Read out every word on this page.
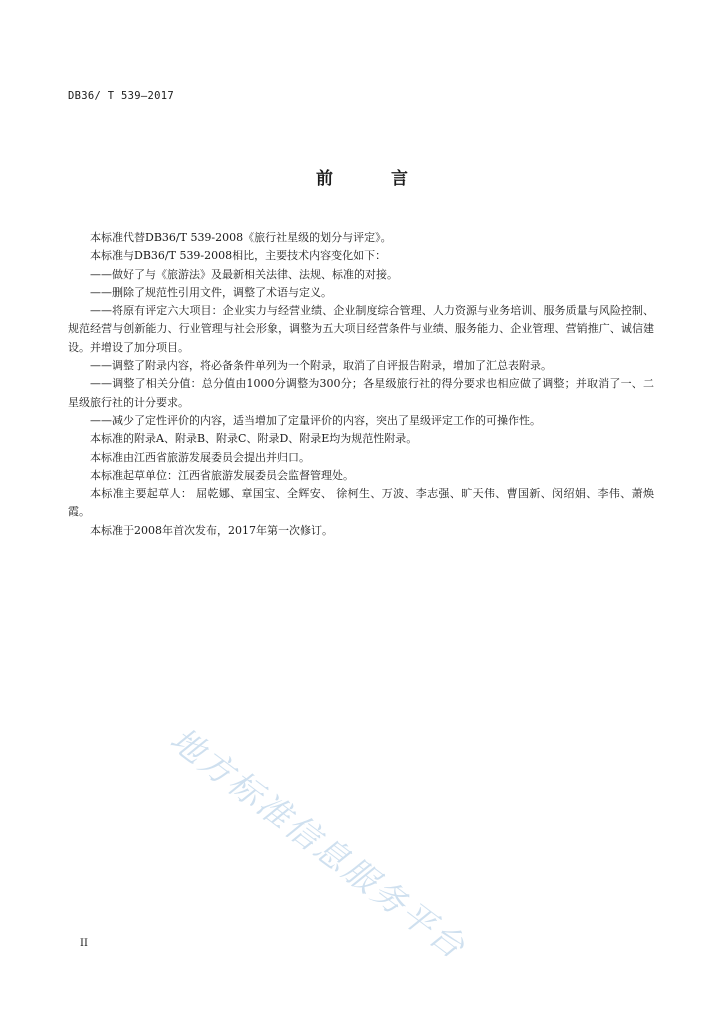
DB36/ T 539—2017
前 言

本标准代替DB36/T 539-2008《旅行社星级的划分与评定》。

本标准与DB36/T 539-2008相比，主要技术内容变化如下：

——做好了与《旅游法》及最新相关法律、法规、标准的对接。

——删除了规范性引用文件，调整了术语与定义。

——将原有评定六大项目：企业实力与经营业绩、企业制度综合管理、人力资源与业务培训、服务质量与风险控制、规范经营与创新能力、行业管理与社会形象，调整为五大项目经营条件与业绩、服务能力、企业管理、营销推广、诚信建设。并增设了加分项目。

——调整了附录内容，将必备条件单列为一个附录，取消了自评报告附录，增加了汇总表附录。

——调整了相关分值：总分值由1000分调整为300分；各星级旅行社的得分要求也相应做了调整；并取消了一、二星级旅行社的计分要求。

——减少了定性评价的内容，适当增加了定量评价的内容，突出了星级评定工作的可操作性。

本标准的附录A、附录B、附录C、附录D、附录E均为规范性附录。

本标准由江西省旅游发展委员会提出并归口。

本标准起草单位：江西省旅游发展委员会监督管理处。

本标准主要起草人： 屈乾娜、章国宝、全辉安、 徐柯生、万波、李志强、旷天伟、曹国新、闵绍娟、李伟、萧焕霞。

本标准于2008年首次发布，2017年第一次修订。

地方标准信息服务平台
II
